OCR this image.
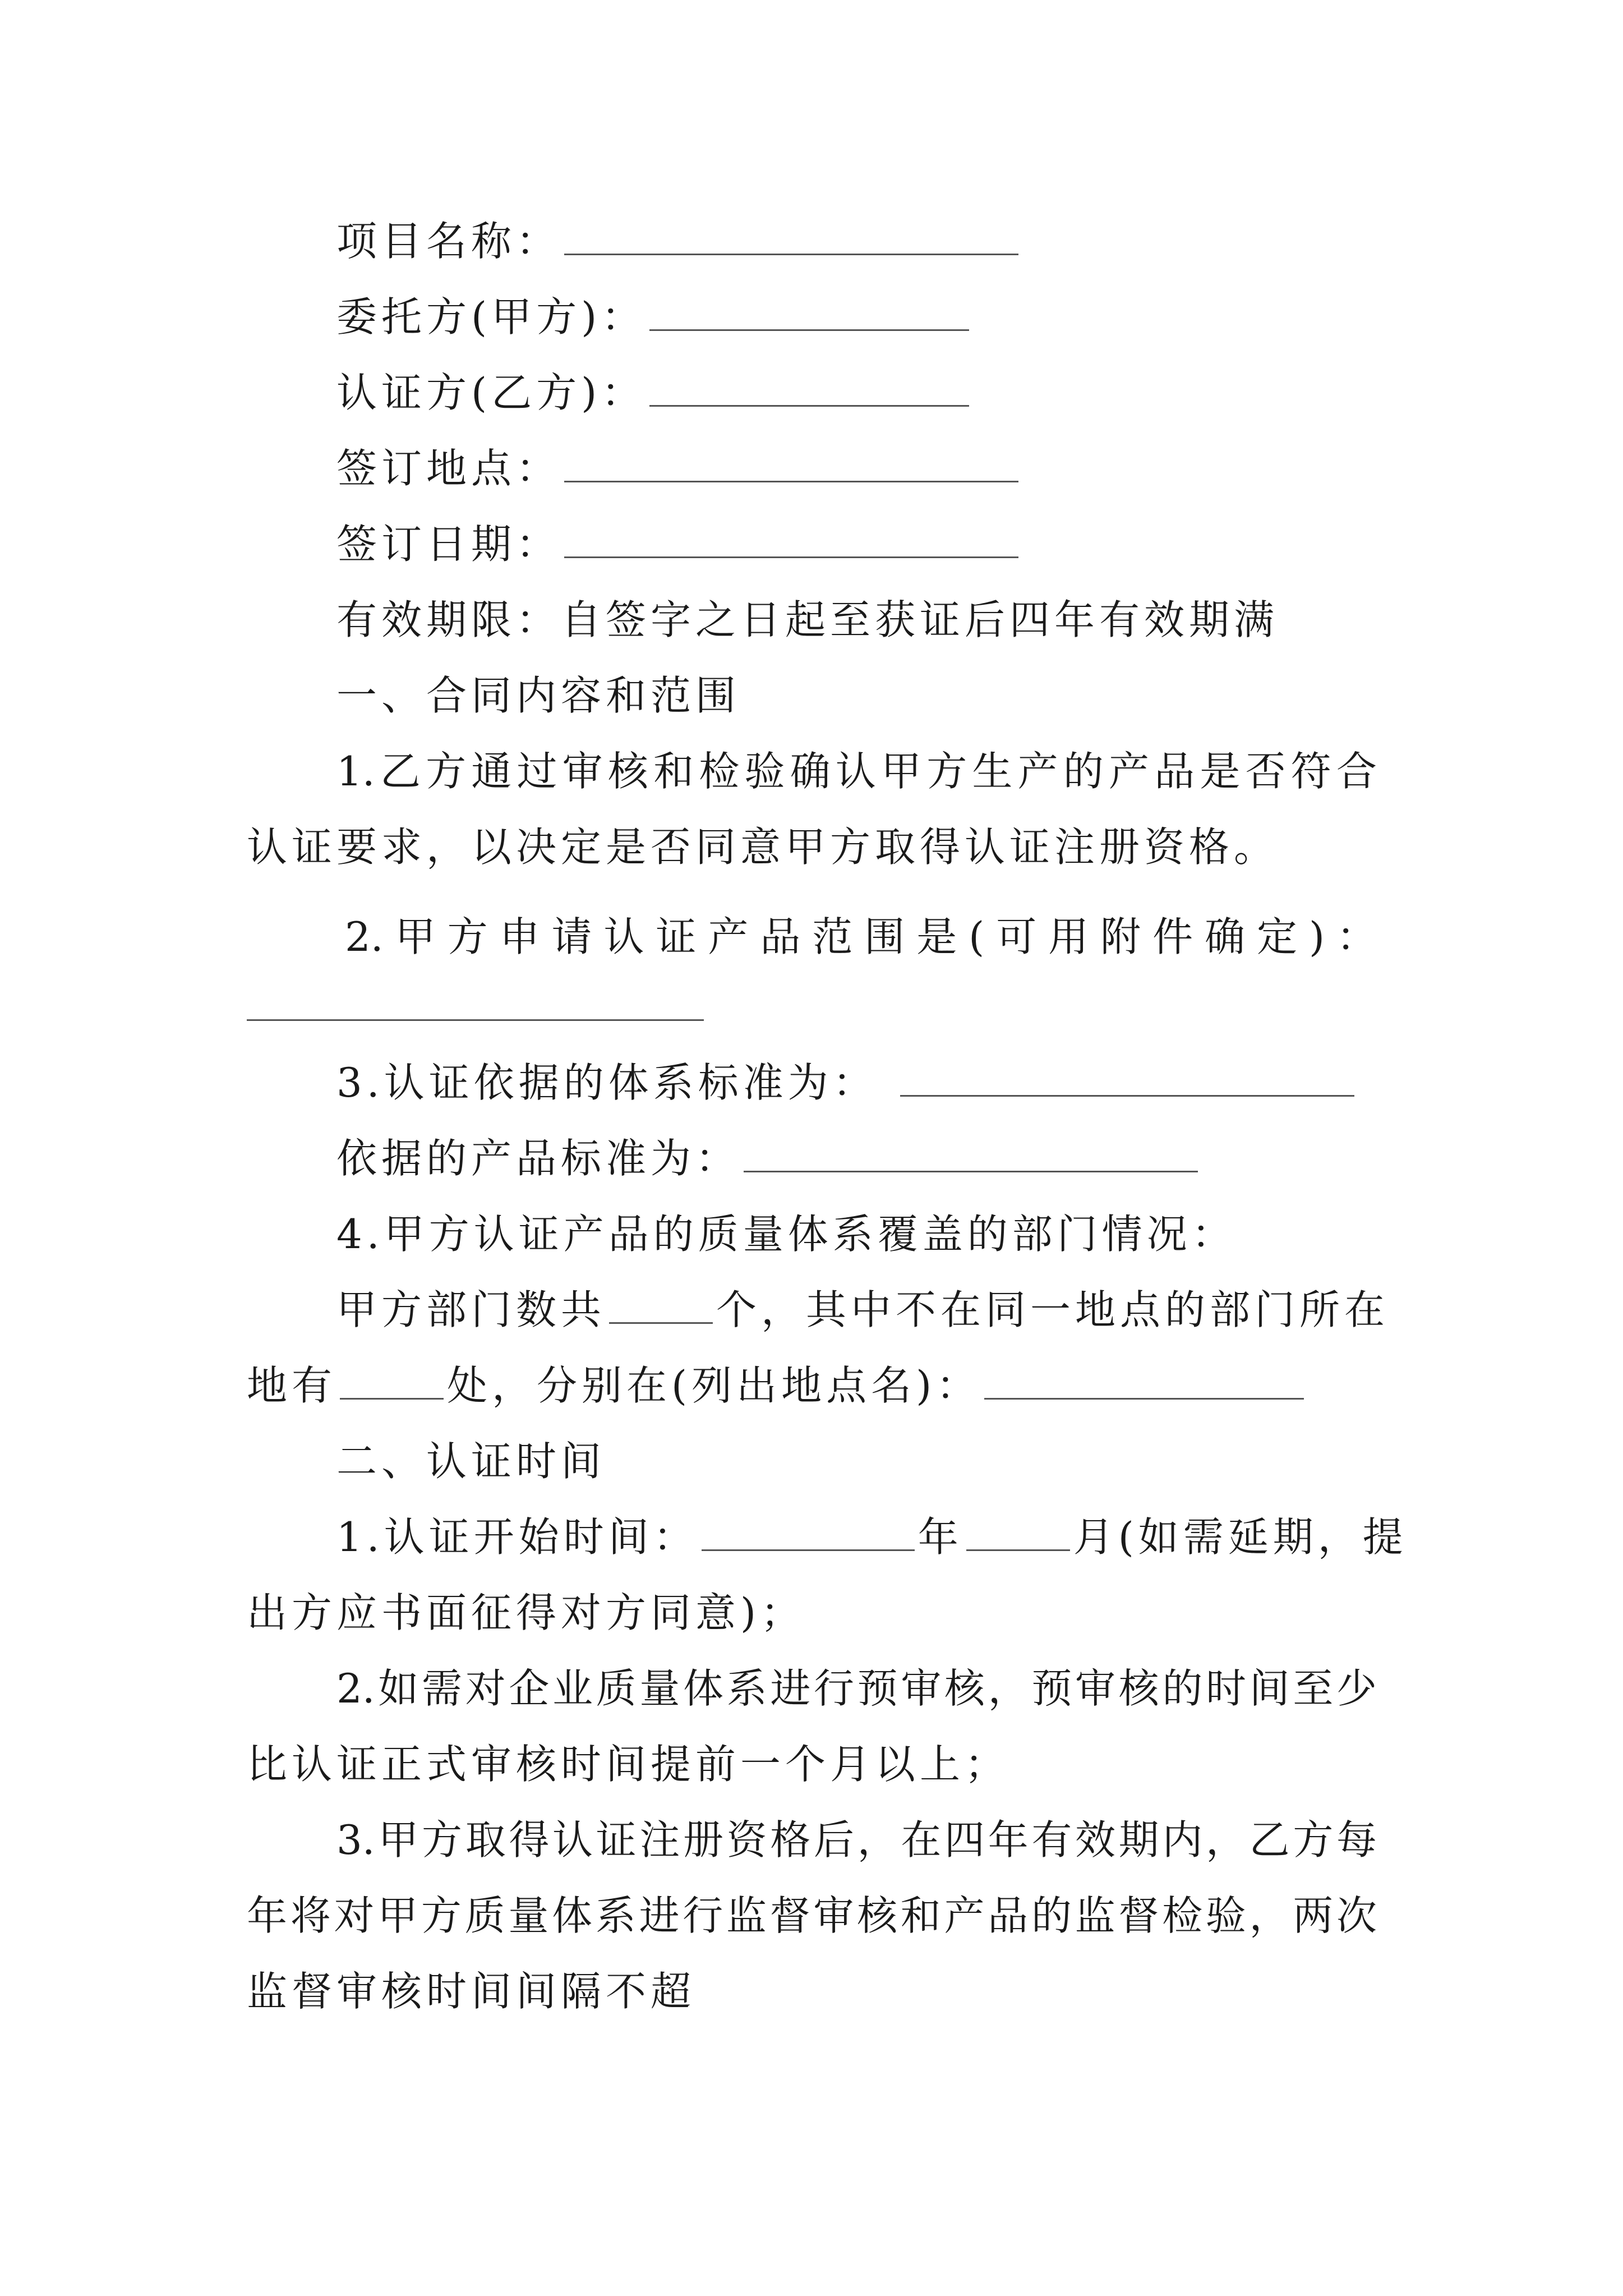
项目名称：
委托方(甲方)：
认证方(乙方)：
签订地点：
签订日期：
有效期限：自签字之日起至获证后四年有效期满
一、合同内容和范围
1.乙方通过审核和检验确认甲方生产的产品是否符合
认证要求，以决定是否同意甲方取得认证注册资格。
2.甲方申请认证产品范围是(可用附件确定)：
3.认证依据的体系标准为：
依据的产品标准为：
4.甲方认证产品的质量体系覆盖的部门情况：
甲方部门数共	个，其中不在同一地点的部门所在
地有	处，分别在(列出地点名)：
二、认证时间
1.认证开始时间：	年	月(如需延期，提
出方应书面征得对方同意)；
2.如需对企业质量体系进行预审核，预审核的时间至少
比认证正式审核时间提前一个月以上；
3.甲方取得认证注册资格后，在四年有效期内，乙方每
年将对甲方质量体系进行监督审核和产品的监督检验，两次
监督审核时间间隔不超
